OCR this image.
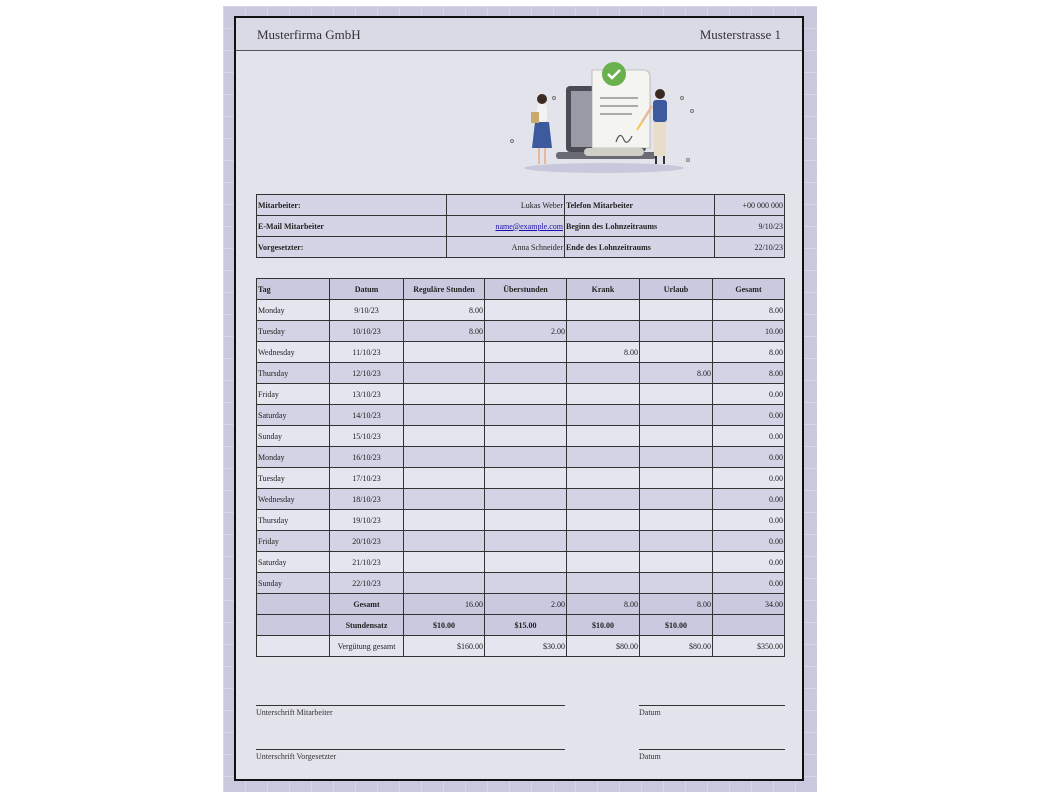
Musterfirma GmbH	Musterstrasse 1
Mitarbeiter:	Lukas Weber	Telefon Mitarbeiter	+00 000 000
E-Mail Mitarbeiter	name@example.com	Beginn des Lohnzeitraums	9/10/23
Vorgesetzter:	Anna Schneider	Ende des Lohnzeitraums	22/10/23
Tag	Datum	Reguläre Stunden	Überstunden	Krank	Urlaub	Gesamt
Monday	9/10/23	8.00				8.00
Tuesday	10/10/23	8.00	2.00			10.00
Wednesday	11/10/23			8.00		8.00
Thursday	12/10/23				8.00	8.00
Friday	13/10/23					0.00
Saturday	14/10/23					0.00
Sunday	15/10/23					0.00
Monday	16/10/23					0.00
Tuesday	17/10/23					0.00
Wednesday	18/10/23					0.00
Thursday	19/10/23					0.00
Friday	20/10/23					0.00
Saturday	21/10/23					0.00
Sunday	22/10/23					0.00
	Gesamt	16.00	2.00	8.00	8.00	34.00
	Stundensatz	$10.00	$15.00	$10.00	$10.00	
	Vergütung gesamt	$160.00	$30.00	$80.00	$80.00	$350.00
Unterschrift Mitarbeiter	Datum
Unterschrift Vorgesetzter	Datum
